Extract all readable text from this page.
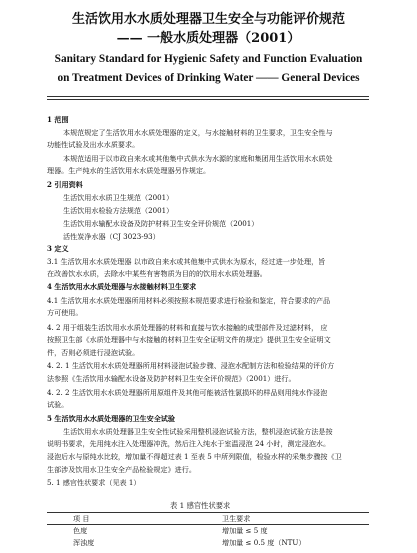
生活饮用水水质处理器卫生安全与功能评价规范
—— 一般水质处理器（2001）
Sanitary Standard for Hygienic Safety and Function Evaluation
on Treatment Devices of Drinking Water —— General Devices
1 范围
本规范规定了生活饮用水水质处理器的定义，与水接触材料的卫生要求，卫生安全性与
功能性试验及出水水质要求。
本规范适用于以市政自来水或其他集中式供水为水源的家庭和集团用生活饮用水水质处
理器。生产纯水的生活饮用水水质处理器另作规定。
2 引用资料
生活饮用水水质卫生规范（2001）
生活饮用水检验方法规范（2001）
生活饮用水输配水设备及防护材料卫生安全评价规范（2001）
活性炭净水器（CJ 3023-93）
3 定义
3.1 生活饮用水水质处理器 以市政自来水或其他集中式供水为原水，经过进一步处理，旨
在改善饮水水质，去除水中某些有害物质为目的的饮用水水质处理器。
4 生活饮用水水质处理器与水接触材料卫生要求
4.1 生活饮用水水质处理器所用材料必须按照本规范要求进行检验和鉴定，符合要求的产品
方可使用。
4. 2 用于组装生活饮用水水质处理器的材料和直接与饮水接触的成型部件及过滤材料， 应
按照卫生部《水质处理器中与水接触的材料卫生安全证明文件的规定》提供卫生安全证明文
件，否则必须进行浸泡试验。
4. 2. 1 生活饮用水水质处理器所用材料浸泡试验步骤、浸泡水配制方法和检验结果的评价方
法参照《生活饮用水输配水设备及防护材料卫生安全评价规范》（2001）进行。
4. 2. 2 生活饮用水水质处理器所用原组件及其他可能被活性氯损坏的样品则用纯水作浸泡
试验。
5 生活饮用水水质处理器的卫生安全试验
生活饮用水水质处理器卫生安全性试验采用整机浸泡试验方法，整机浸泡试验方法是按
说明书要求，先用纯水注入处理器冲洗，然后注入纯水于室温浸泡 24 小时，测定浸泡水。
浸泡后水与原纯水比较，增加量不得超过表 1 至表 5 中所列限值，检验水样的采集步骤按《卫
生部涉及饮用水卫生安全产品检验规定》进行。
5. 1 感官性状要求（见表 1）
表 1 感官性状要求
项 目	卫生要求
色度	增加量 ≤ 5 度
浑浊度	增加量 ≤ 0.5 度（NTU）
